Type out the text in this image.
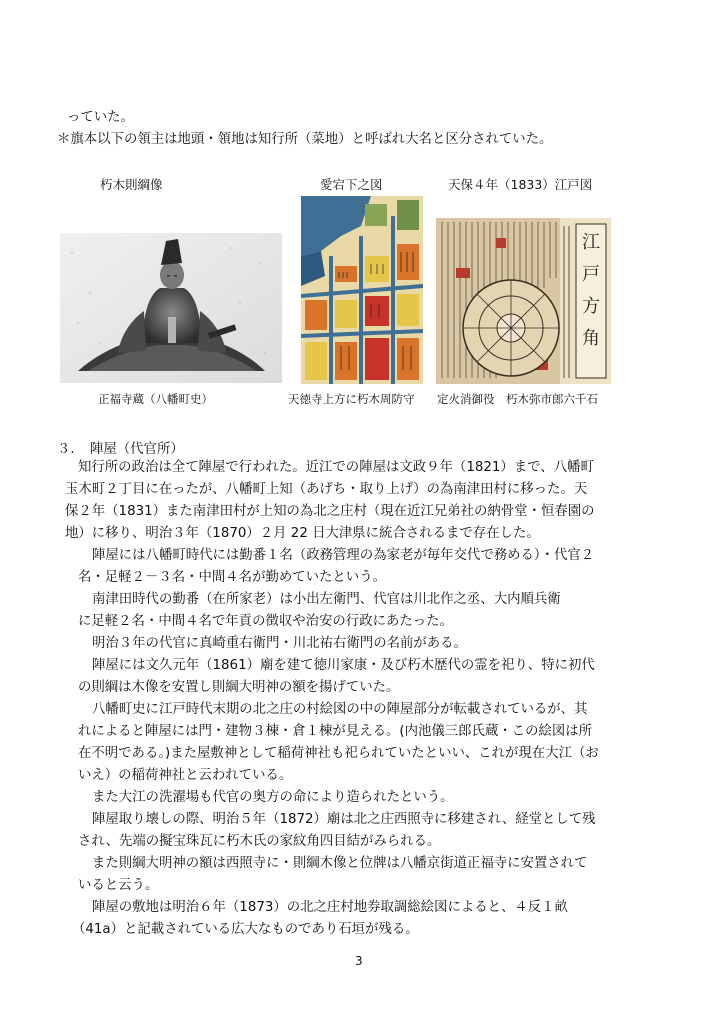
っていた。
＊旗本以下の領主は地頭・領地は知行所（菜地）と呼ばれ大名と区分されていた。
朽木則綱像	愛宕下之図	天保４年（1833）江戸図
江
戸
方
角
正福寺蔵（八幡町史）	天徳寺上方に朽木周防守 定火消御役　朽木弥市郎六千石
３． 陣屋（代官所）
知行所の政治は全て陣屋で行われた。近江での陣屋は文政９年（1821）まで、八幡町
玉木町２丁目に在ったが、八幡町上知（あげち・取り上げ）の為南津田村に移った。天
保２年（1831）また南津田村が上知の為北之庄村（現在近江兄弟社の納骨堂・恒春園の
地）に移り、明治３年（1870）２月 22 日大津県に統合されるまで存在した。
陣屋には八幡町時代には勤番１名（政務管理の為家老が毎年交代で務める）・代官２
名・足軽２－３名・中間４名が勤めていたという。
南津田時代の勤番（在所家老）は小出左衛門、代官は川北作之丞、大内順兵衛
に足軽２名・中間４名で年貢の徴収や治安の行政にあたった。
明治３年の代官に真崎重右衛門・川北祐右衛門の名前がある。
陣屋には文久元年（1861）廟を建て徳川家康・及び朽木歴代の霊を祀り、特に初代
の則綱は木像を安置し則綱大明神の額を揚げていた。
八幡町史に江戸時代末期の北之庄の村絵図の中の陣屋部分が転載されているが、其
れによると陣屋には門・建物３棟・倉１棟が見える。(内池儀三郎氏蔵・この絵図は所
在不明である。)また屋敷神として稲荷神社も祀られていたといい、これが現在大江（お
いえ）の稲荷神社と云われている。
また大江の洗濯場も代官の奥方の命により造られたという。
陣屋取り壊しの際、明治５年（1872）廟は北之庄西照寺に移建され、経堂として残
され、先端の擬宝珠瓦に朽木氏の家紋角四目結がみられる。
また則綱大明神の額は西照寺に・則綱木像と位牌は八幡京街道正福寺に安置されて
いると云う。
陣屋の敷地は明治６年（1873）の北之庄村地券取調総絵図によると、４反１畝
（41a）と記載されている広大なものであり石垣が残る。
3
